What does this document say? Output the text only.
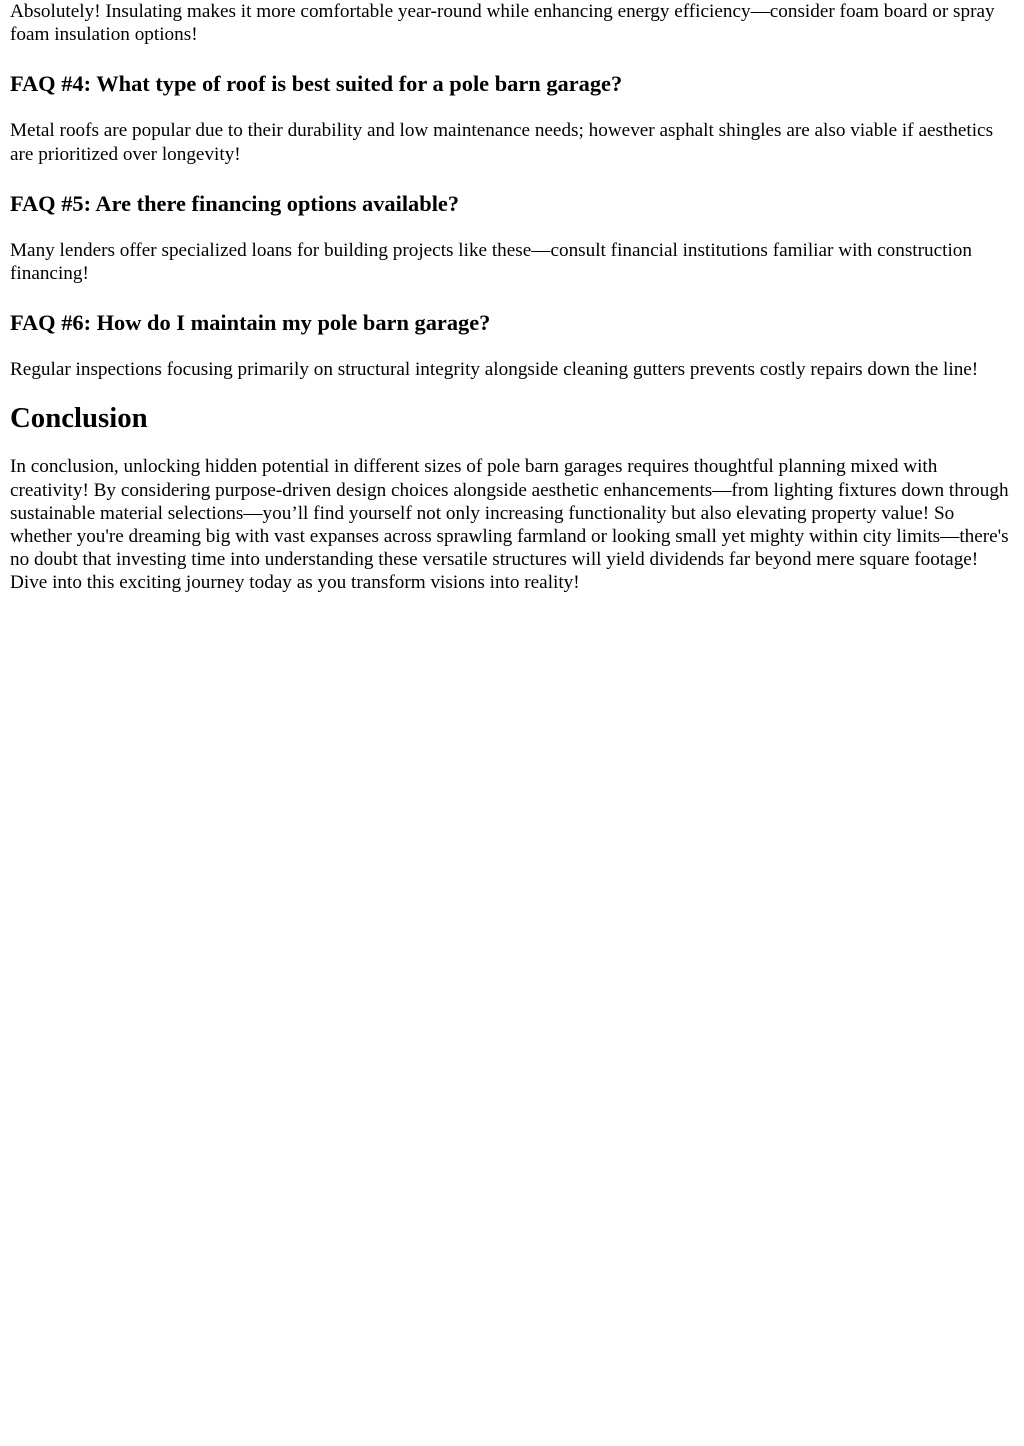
Absolutely! Insulating makes it more comfortable year-round while enhancing energy efficiency—consider foam board or spray foam insulation options!

FAQ #4: What type of roof is best suited for a pole barn garage?

Metal roofs are popular due to their durability and low maintenance needs; however asphalt shingles are also viable if aesthetics are prioritized over longevity!

FAQ #5: Are there financing options available?

Many lenders offer specialized loans for building projects like these—consult financial institutions familiar with construction financing!

FAQ #6: How do I maintain my pole barn garage?

Regular inspections focusing primarily on structural integrity alongside cleaning gutters prevents costly repairs down the line!

Conclusion

In conclusion, unlocking hidden potential in different sizes of pole barn garages requires thoughtful planning mixed with creativity! By considering purpose-driven design choices alongside aesthetic enhancements—from lighting fixtures down through sustainable material selections—you’ll find yourself not only increasing functionality but also elevating property value! So whether you're dreaming big with vast expanses across sprawling farmland or looking small yet mighty within city limits—there's no doubt that investing time into understanding these versatile structures will yield dividends far beyond mere square footage! Dive into this exciting journey today as you transform visions into reality!
